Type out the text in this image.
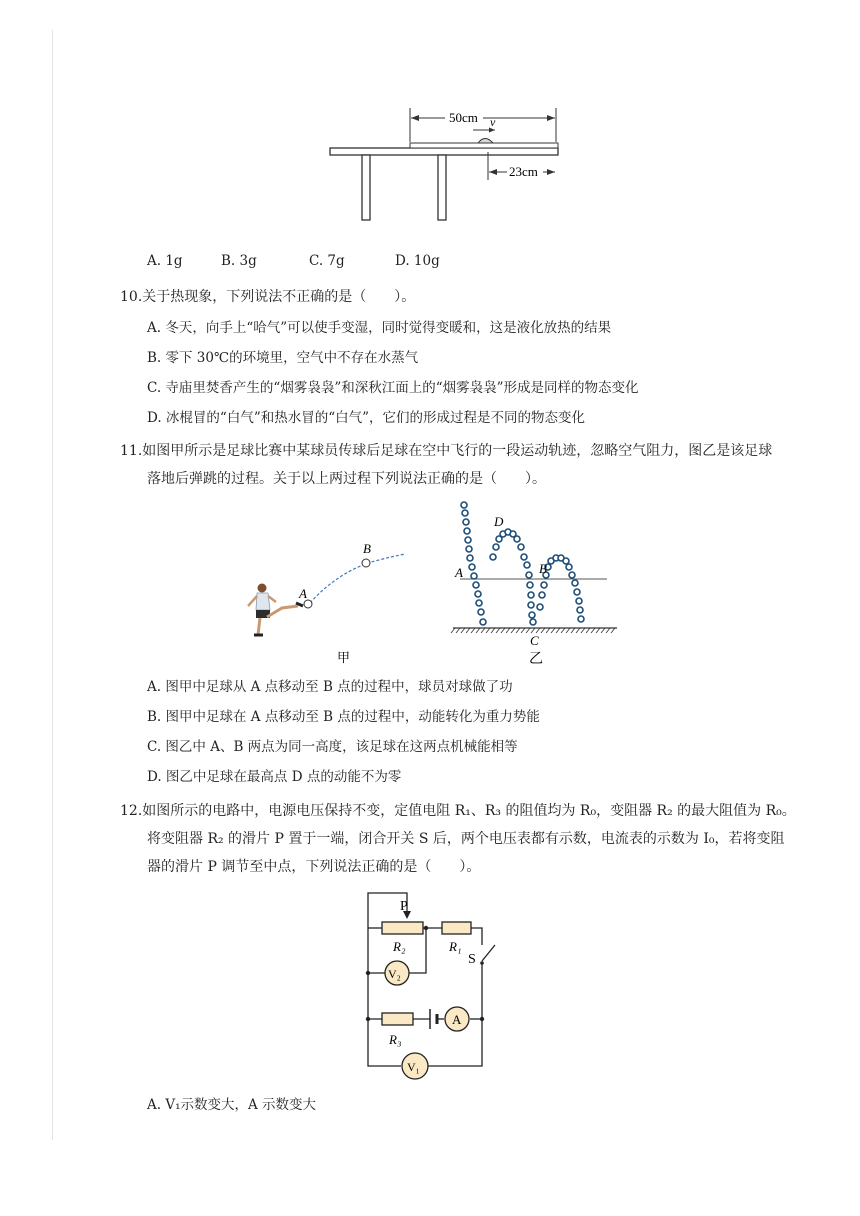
50cm v
23cm
A. 1g	B. 3g	C. 7g	D. 10g
10.关于热现象，下列说法不正确的是（　　）。
A. 冬天，向手上“哈气”可以使手变湿，同时觉得变暖和，这是液化放热的结果
B. 零下 30℃的环境里，空气中不存在水蒸气
C. 寺庙里焚香产生的“烟雾袅袅”和深秋江面上的“烟雾袅袅”形成是同样的物态变化
D. 冰棍冒的“白气”和热水冒的“白气”，它们的形成过程是不同的物态变化
11.如图甲所示是足球比赛中某球员传球后足球在空中飞行的一段运动轨迹，忽略空气阻力，图乙是该足球
落地后弹跳的过程。关于以上两过程下列说法正确的是（　　）。
A
B
甲
A	B
C
D
乙
A. 图甲中足球从 A 点移动至 B 点的过程中，球员对球做了功
B. 图甲中足球在 A 点移动至 B 点的过程中，动能转化为重力势能
C. 图乙中 A、B 两点为同一高度，该足球在这两点机械能相等
D. 图乙中足球在最高点 D 点的动能不为零
12.如图所示的电路中，电源电压保持不变，定值电阻 R₁、R₃ 的阻值均为 R₀，变阻器 R₂ 的最大阻值为 R₀。
将变阻器 R₂ 的滑片 P 置于一端，闭合开关 S 后，两个电压表都有示数，电流表的示数为 I₀，若将变阻
器的滑片 P 调节至中点，下列说法正确的是（　　）。
P
R₂	R₁
S
V₂
R₃
A
V₁
A. V₁示数变大，A 示数变大
